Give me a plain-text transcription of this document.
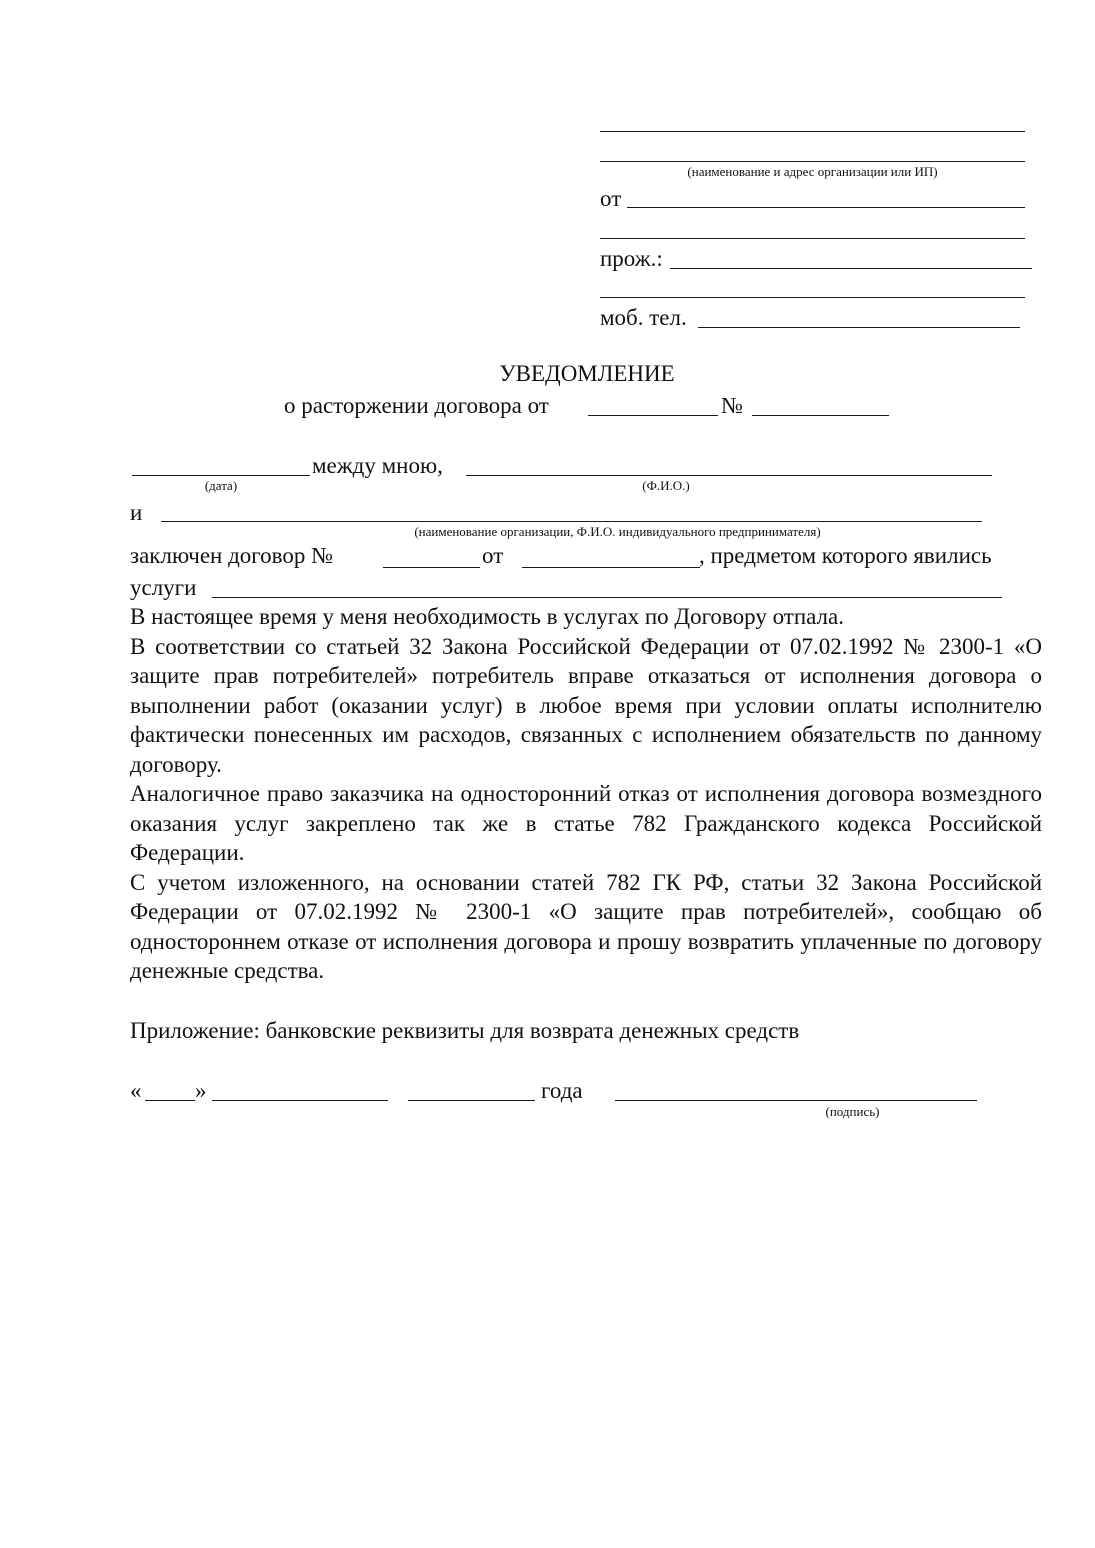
(наименование и адрес организации или ИП)
от
прож.:
моб. тел.
УВЕДОМЛЕНИЕ
о расторжении договора от	№
между мною,
(дата)	(Ф.И.О.)
и
(наименование организации, Ф.И.О. индивидуального предпринимателя)
заключен договор №	от	, предметом которого явились
услуги

В настоящее время у меня необходимость в услугах по Договору отпала.

В соответствии со статьей 32 Закона Российской Федерации от 07.02.1992 № 2300-1 «О защите прав потребителей» потребитель вправе отказаться от исполнения договора о выполнении работ (оказании услуг) в любое время при условии оплаты исполнителю фактически понесенных им расходов, связанных с исполнением обязательств по данному договору.

Аналогичное право заказчика на односторонний отказ от исполнения договора возмездного оказания услуг закреплено так же в статье 782 Гражданского кодекса Российской Федерации.

С учетом изложенного, на основании статей 782 ГК РФ, статьи 32 Закона Российской Федерации от 07.02.1992 № 2300-1 «О защите прав потребителей», сообщаю об одностороннем отказе от исполнения договора и прошу возвратить уплаченные по договору денежные средства.

Приложение: банковские реквизиты для возврата денежных средств
« »	года
(подпись)
